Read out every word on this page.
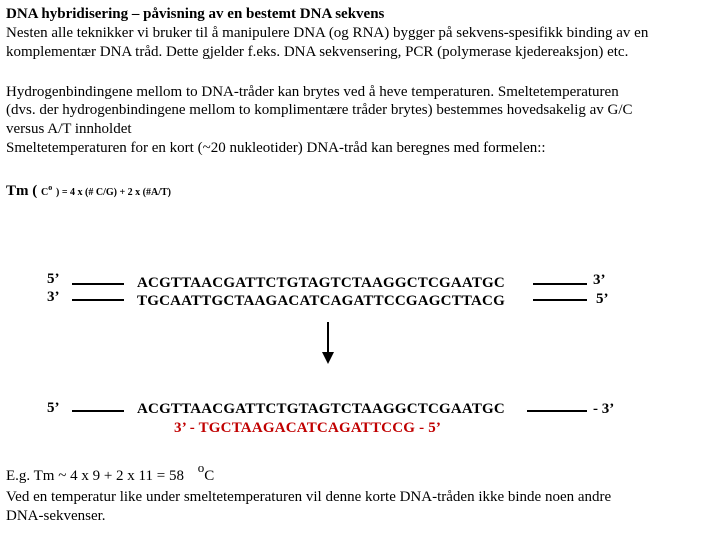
DNA hybridisering – påvisning av en bestemt DNA sekvens
Nesten alle teknikker vi bruker til å manipulere DNA (og RNA) bygger på sekvens-spesifikk binding av en
komplementær DNA tråd. Dette gjelder f.eks. DNA sekvensering, PCR (polymerase kjedereaksjon) etc.
Hydrogenbindingene mellom to DNA-tråder kan brytes ved å heve temperaturen. Smeltetemperaturen
(dvs. der hydrogenbindingene mellom to komplimentære tråder brytes) bestemmes hovedsakelig av G/C
versus A/T innholdet
Smeltetemperaturen for en kort (~20 nukleotider) DNA-tråd kan beregnes med formelen::
Tm ( $C^o$ ) = 4 x (# C/G) + 2 x (#A/T)
5’
3’
ACGTTAACGATTCTGTAGTCTAAGGCTCGAATGC
TGCAATTGCTAAGACATCAGATTCCGAGCTTACG
3’
5’
5’	ACGTTAACGATTCTGTAGTCTAAGGCTCGAATGC	- 3’
3’ - TGCTAAGACATCAGATTCCG - 5’
E.g. Tm ~ 4 x 9 + 2 x 11 = 58 oC
Ved en temperatur like under smeltetemperaturen vil denne korte DNA-tråden ikke binde noen andre
DNA-sekvenser.
